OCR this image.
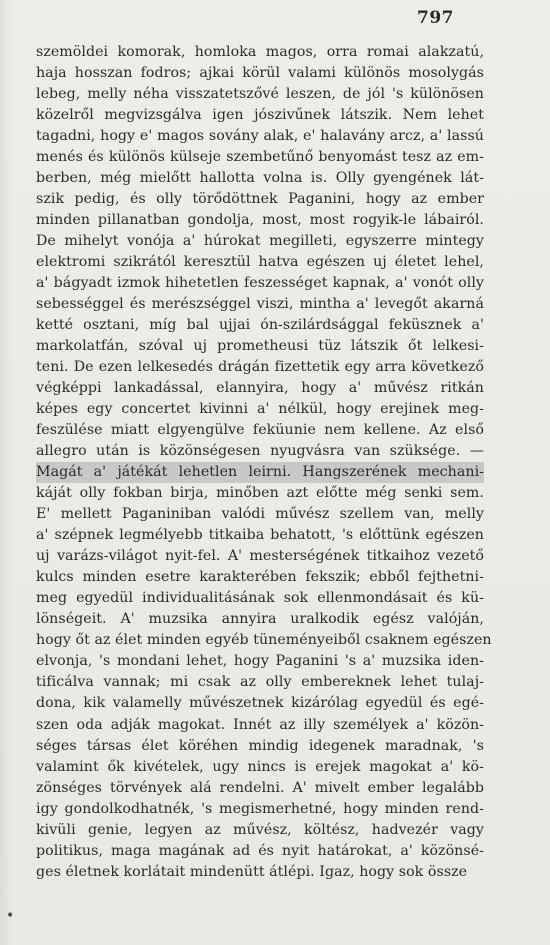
797
szemöldei komorak, homloka magos, orra romai alakzatú,
haja hosszan fodros; ajkai körül valami különös mosolygás
lebeg, melly néha visszatetszővé leszen, de jól 's különösen
közelről megvizsgálva igen jószivűnek látszik. Nem lehet
tagadni, hogy e' magos sovány alak, e' halavány arcz, a' lassú
menés és különös külseje szembetűnő benyomást tesz az em-
berben, még mielőtt hallotta volna is. Olly gyengének lát-
szik pedig, és olly törődöttnek Paganini, hogy az ember
minden pillanatban gondolja, most, most rogyik-le lábairól.
De mihelyt vonója a' húrokat megilleti, egyszerre mintegy
elektromi szikrától keresztül hatva egészen uj életet lehel,
a' bágyadt izmok hihetetlen feszességet kapnak, a' vonót olly
sebességgel és merészséggel viszi, mintha a' levegőt akarná
ketté osztani, míg bal ujjai ón-szilárdsággal feküsznek a'
markolatfán, szóval uj prometheusi tüz látszik őt lelkesi-
teni. De ezen lelkesedés drágán fizettetik egy arra következő
végképpi lankadással, elannyira, hogy a' művész ritkán
képes egy concertet kivinni a' nélkül, hogy erejinek meg-
feszülése miatt elgyengülve feküunie nem kellene. Az első
allegro után is közönségesen nyugvásra van szüksége. —
Magát a' játékát lehetlen leirni. Hangszerének mechani-
káját olly fokban birja, minőben azt előtte még senki sem.
E' mellett Paganiniban valódi művész szellem van, melly
a' szépnek legmélyebb titkaiba behatott, 's előttünk egészen
uj varázs-világot nyit-fel. A' mesterségének titkaihoz vezető
kulcs minden esetre karakterében fekszik; ebből fejthetni-
meg egyedül individualitásának sok ellenmondásait és kü-
lönségeit. A' muzsika annyira uralkodik egész valóján,
hogy őt az élet minden egyéb tüneményeiből csaknem egészen
elvonja, 's mondani lehet, hogy Paganini 's a' muzsika iden-
tificálva vannak; mi csak az olly embereknek lehet tulaj-
dona, kik valamelly művészetnek kizárólag egyedül és egé-
szen oda adják magokat. Innét az illy személyek a' közön-
séges társas élet köréhen mindig idegenek maradnak, 's
valamint ők kivételek, ugy nincs is erejek magokat a' kö-
zönséges törvények alá rendelni. A' mivelt ember legalább
igy gondolkodhatnék, 's megismerhetné, hogy minden rend-
kivüli genie, legyen az művész, költész, hadvezér vagy
politikus, maga magának ad és nyit határokat, a' közönsé-
ges életnek korlátait mindenütt átlépi. Igaz, hogy sok össze
•
